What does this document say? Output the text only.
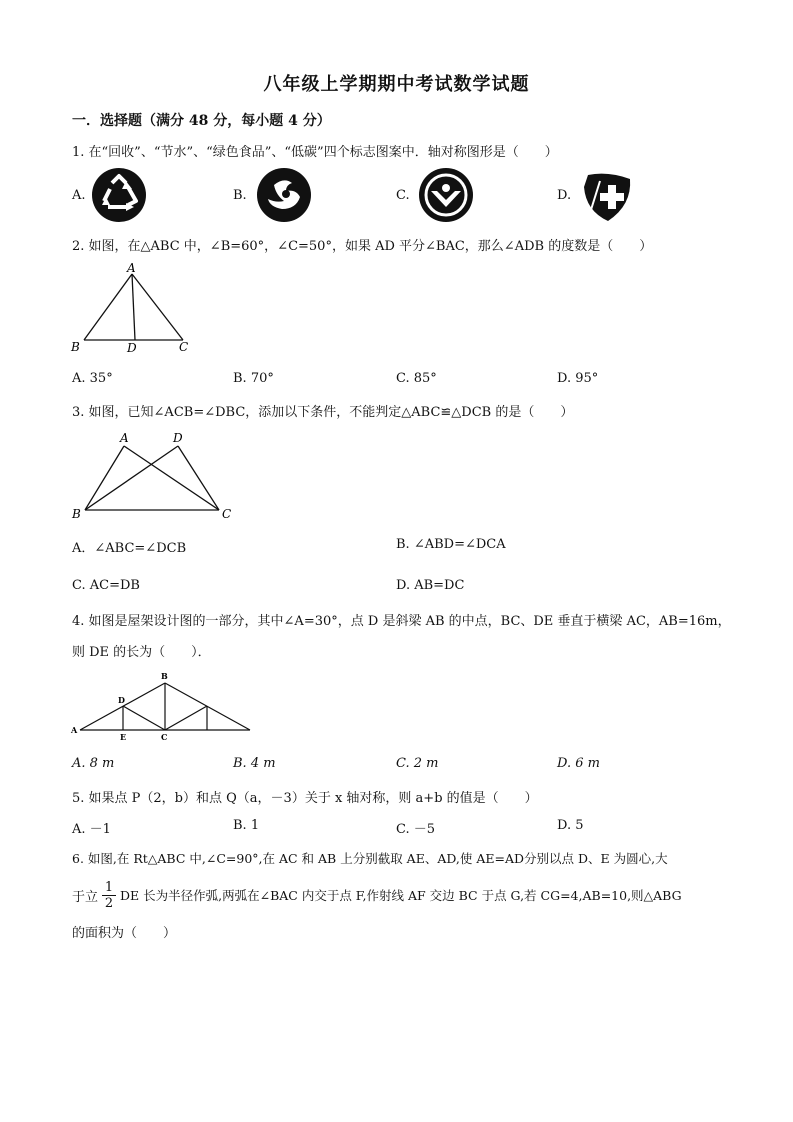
八年级上学期期中考试数学试题
一．选择题（满分 48 分，每小题 4 分）
1. 在“回收”、“节水”、“绿色食品”、“低碳”四个标志图案中．轴对称图形是（　　）
A.	B.	C.	D.
2. 如图，在△ABC 中，∠B=60°，∠C=50°，如果 AD 平分∠BAC，那么∠ADB 的度数是（　　）
A
B	D	C
A. 35°	B. 70°	C. 85°	D. 95°
3. 如图，已知∠ACB=∠DBC，添加以下条件，不能判定△ABC≌△DCB 的是（　　）
A	D
B	C
A．∠ABC=∠DCB	B. ∠ABD=∠DCA
C. AC=DB	D. AB=DC
4. 如图是屋架设计图的一部分，其中∠A=30°，点 D 是斜梁 AB 的中点，BC、DE 垂直于横梁 AC，AB=16m，
则 DE 的长为（　　）．
A
B
D
E	C
A. 8 m	B. 4 m	C. 2 m	D. 6 m
5. 如果点 P（2，b）和点 Q（a，－3）关于 x 轴对称，则 a+b 的值是（　　）
A. －1	B. 1	C. －5	D. 5
6. 如图,在 Rt△ABC 中,∠C=90°,在 AC 和 AB 上分别截取 AE、AD,使 AE=AD分别以点 D、E 为圆心,大
于立 $\frac{1}{2}$ DE 长为半径作弧,两弧在∠BAC 内交于点 F,作射线 AF 交边 BC 于点 G,若 CG=4,AB=10,则△ABG
的面积为（　　）
